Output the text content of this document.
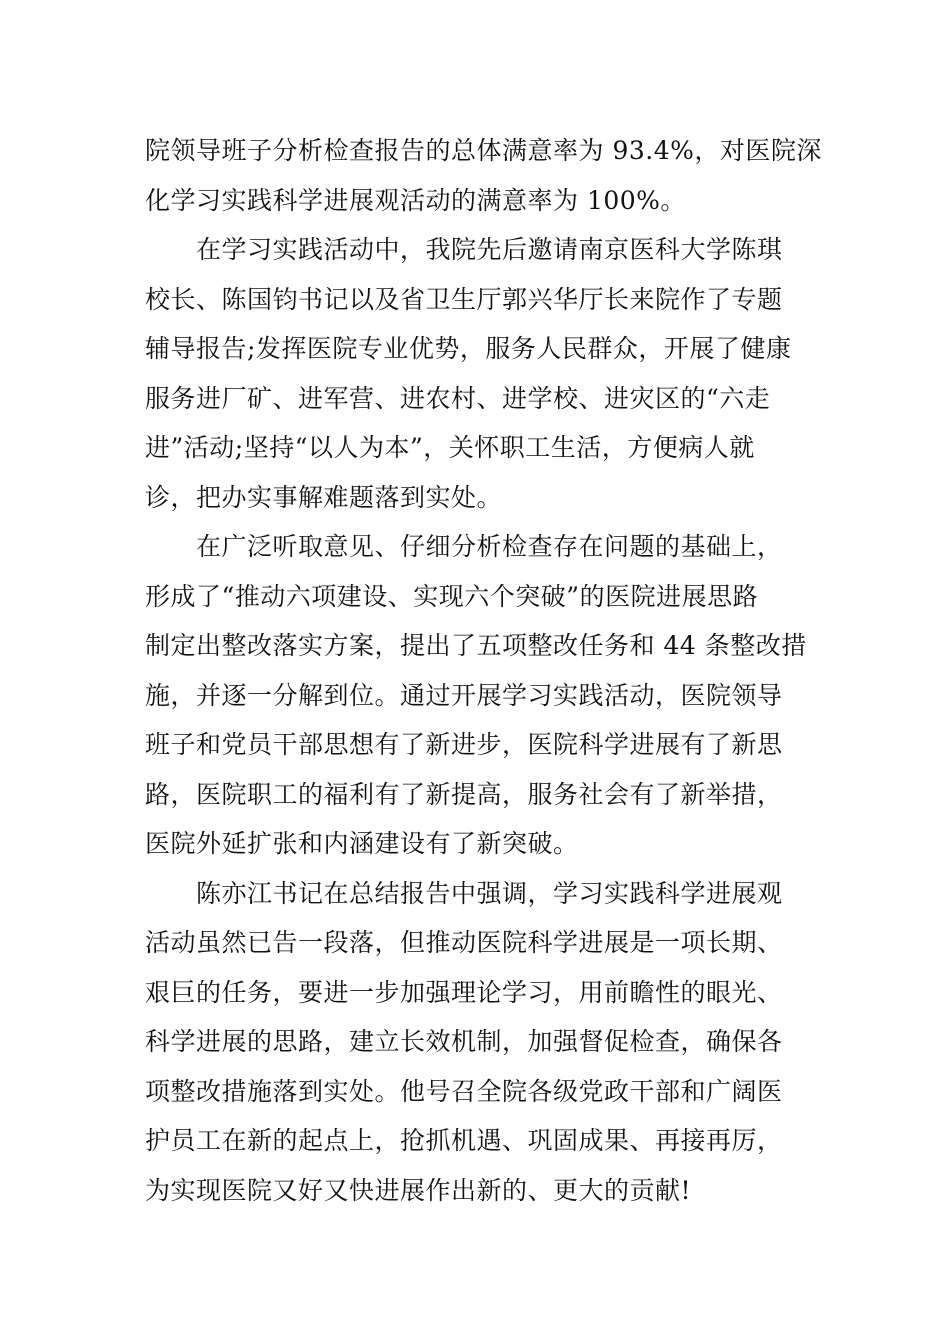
院领导班子分析检查报告的总体满意率为 93.4%，对医院深
化学习实践科学进展观活动的满意率为 100%。
　　在学习实践活动中，我院先后邀请南京医科大学陈琪
校长、陈国钧书记以及省卫生厅郭兴华厅长来院作了专题
辅导报告;发挥医院专业优势，服务人民群众，开展了健康
服务进厂矿、进军营、进农村、进学校、进灾区的“六走
进”活动;坚持“以人为本”，关怀职工生活，方便病人就
诊，把办实事解难题落到实处。
　　在广泛听取意见、仔细分析检查存在问题的基础上，
形成了“推动六项建设、实现六个突破”的医院进展思路
制定出整改落实方案，提出了五项整改任务和 44 条整改措
施，并逐一分解到位。通过开展学习实践活动，医院领导
班子和党员干部思想有了新进步，医院科学进展有了新思
路，医院职工的福利有了新提高，服务社会有了新举措，
医院外延扩张和内涵建设有了新突破。
　　陈亦江书记在总结报告中强调，学习实践科学进展观
活动虽然已告一段落，但推动医院科学进展是一项长期、
艰巨的任务，要进一步加强理论学习，用前瞻性的眼光、
科学进展的思路，建立长效机制，加强督促检查，确保各
项整改措施落到实处。他号召全院各级党政干部和广阔医
护员工在新的起点上，抢抓机遇、巩固成果、再接再厉，
为实现医院又好又快进展作出新的、更大的贡献!
